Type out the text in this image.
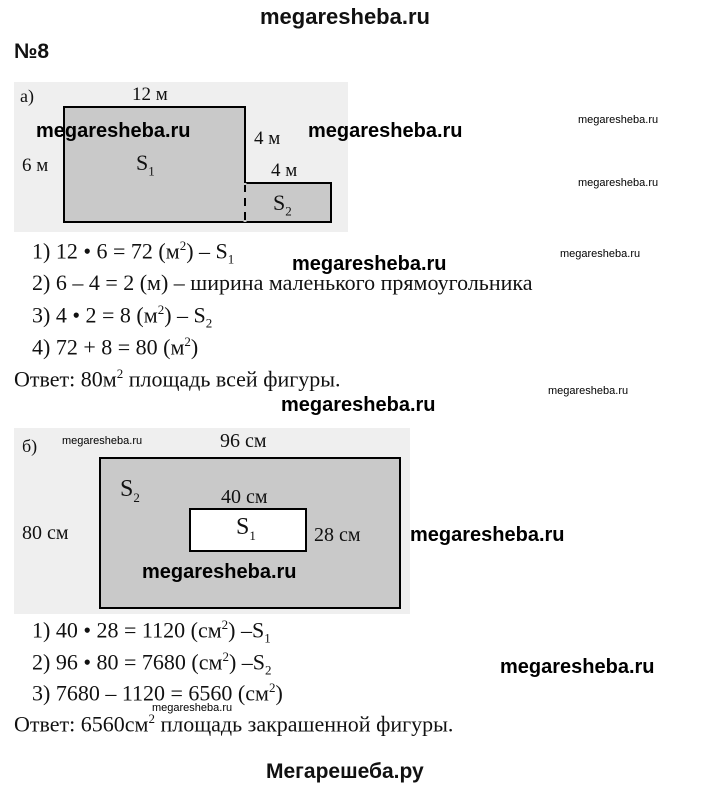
megaresheba.ru
№8
а)	12 м
6 м
4 м
4 м
$S_1$
$S_2$
1) 12 • 6 = 72 $(м^2) - S_1$
2) 6 – 4 = 2 (м) – ширина маленького прямоугольника
3) 4 • 2 = 8 $(м^2) - S_2$
4) 72 + 8 = 80 $(м^2)$
Ответ: $80м^2$ площадь всей фигуры.
б)	96 см
80 см
40 см
28 см
$S_2$
$S_1$
1) 40 • 28 = 1120 $(см^2)$ $-S_1$
2) 96 • 80 = 7680 $(см^2)$ $-S_2$
3) 7680 – 1120 = 6560 $(см^2)$
Ответ: $6560см^2$ площадь закрашенной фигуры.
megaresheba.ru	megaresheba.ru	megaresheba.ru
megaresheba.ru
megaresheba.ru
megaresheba.ru
megaresheba.ru
megaresheba.ru
megaresheba.ru
megaresheba.ru
megaresheba.ru
megaresheba.ru
megaresheba.ru
Мегарешеба.ру
